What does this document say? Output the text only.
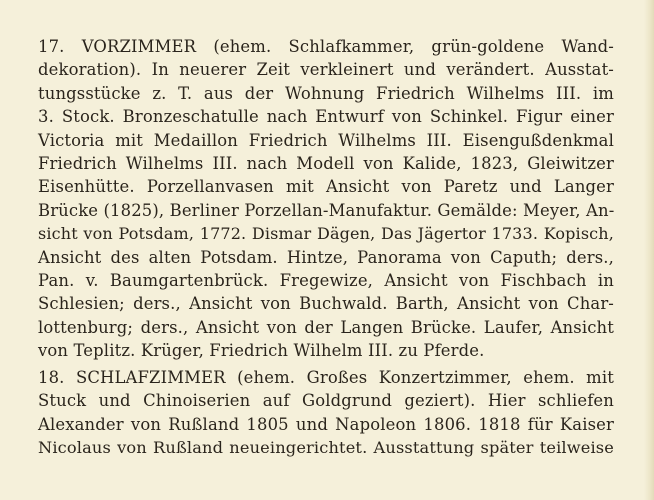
17. VORZIMMER (ehem. Schlafkammer, grün-goldene Wand-
dekoration). In neuerer Zeit verkleinert und verändert. Ausstat-
tungsstücke z. T. aus der Wohnung Friedrich Wilhelms III. im
3. Stock. Bronzeschatulle nach Entwurf von Schinkel. Figur einer
Victoria mit Medaillon Friedrich Wilhelms III. Eisengußdenkmal
Friedrich Wilhelms III. nach Modell von Kalide, 1823, Gleiwitzer
Eisenhütte. Porzellanvasen mit Ansicht von Paretz und Langer
Brücke (1825), Berliner Porzellan-Manufaktur. Gemälde: Meyer, An-
sicht von Potsdam, 1772. Dismar Dägen, Das Jägertor 1733. Kopisch,
Ansicht des alten Potsdam. Hintze, Panorama von Caputh; ders.,
Pan. v. Baumgartenbrück. Fregewize, Ansicht von Fischbach in
Schlesien; ders., Ansicht von Buchwald. Barth, Ansicht von Char-
lottenburg; ders., Ansicht von der Langen Brücke. Laufer, Ansicht
von Teplitz. Krüger, Friedrich Wilhelm III. zu Pferde.
18. SCHLAFZIMMER (ehem. Großes Konzertzimmer, ehem. mit
Stuck und Chinoiserien auf Goldgrund geziert). Hier schliefen
Alexander von Rußland 1805 und Napoleon 1806. 1818 für Kaiser
Nicolaus von Rußland neueingerichtet. Ausstattung später teilweise
